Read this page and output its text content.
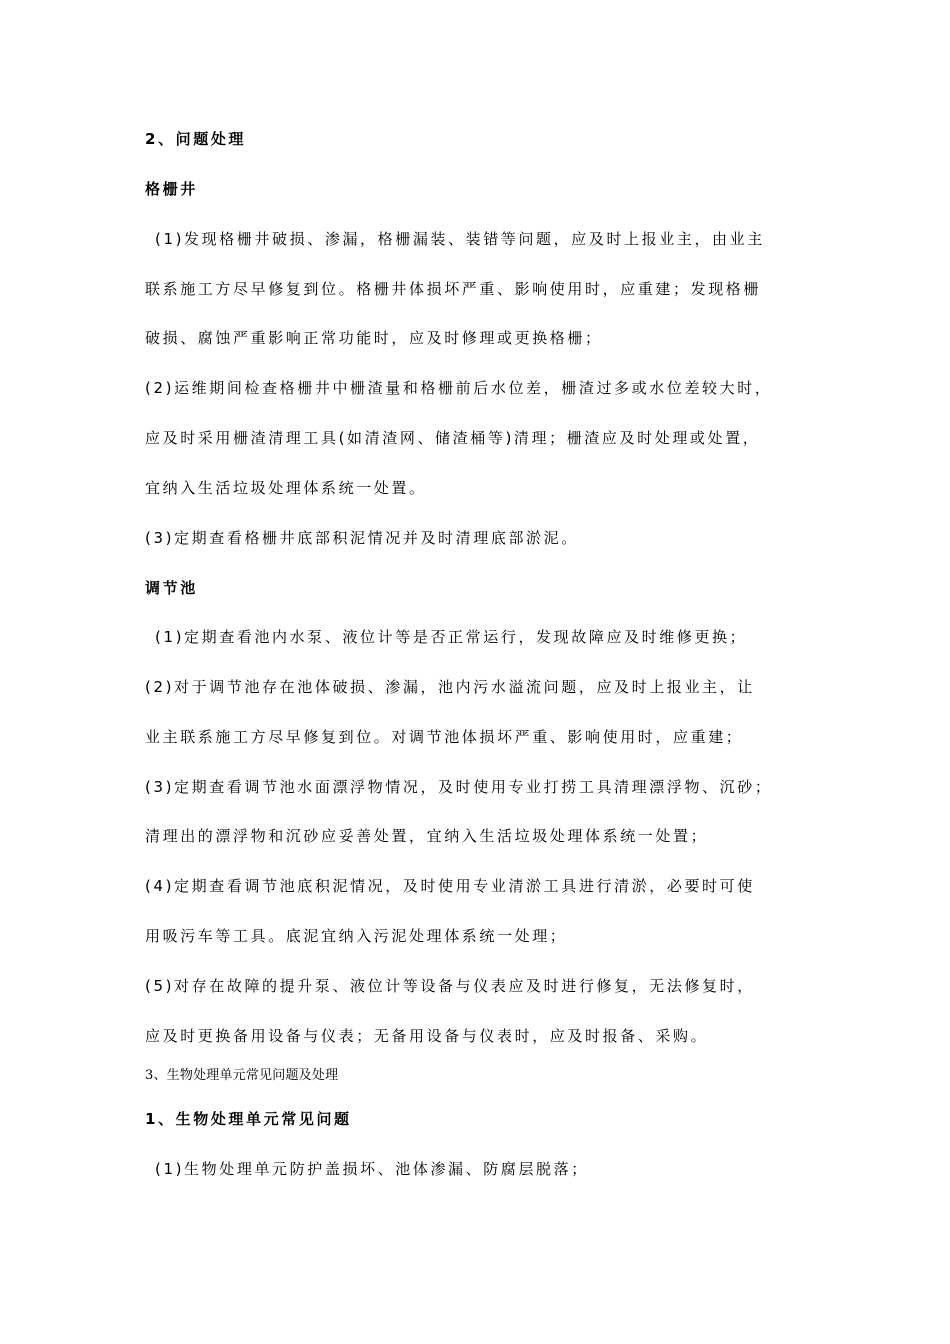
2、问题处理
格栅井
(1)发现格栅井破损、渗漏，格栅漏装、装错等问题，应及时上报业主，由业主
联系施工方尽早修复到位。格栅井体损坏严重、影响使用时，应重建；发现格栅
破损、腐蚀严重影响正常功能时，应及时修理或更换格栅；
(2)运维期间检查格栅井中栅渣量和格栅前后水位差，栅渣过多或水位差较大时，
应及时采用栅渣清理工具(如清渣网、储渣桶等)清理；栅渣应及时处理或处置，
宜纳入生活垃圾处理体系统一处置。
(3)定期查看格栅井底部积泥情况并及时清理底部淤泥。
调节池
(1)定期查看池内水泵、液位计等是否正常运行，发现故障应及时维修更换；
(2)对于调节池存在池体破损、渗漏，池内污水溢流问题，应及时上报业主，让
业主联系施工方尽早修复到位。对调节池体损坏严重、影响使用时，应重建；
(3)定期查看调节池水面漂浮物情况，及时使用专业打捞工具清理漂浮物、沉砂；
清理出的漂浮物和沉砂应妥善处置，宜纳入生活垃圾处理体系统一处置；
(4)定期查看调节池底积泥情况，及时使用专业清淤工具进行清淤，必要时可使
用吸污车等工具。底泥宜纳入污泥处理体系统一处理；
(5)对存在故障的提升泵、液位计等设备与仪表应及时进行修复，无法修复时，
应及时更换备用设备与仪表；无备用设备与仪表时，应及时报备、采购。
3、生物处理单元常见问题及处理
1、生物处理单元常见问题
(1)生物处理单元防护盖损坏、池体渗漏、防腐层脱落；
